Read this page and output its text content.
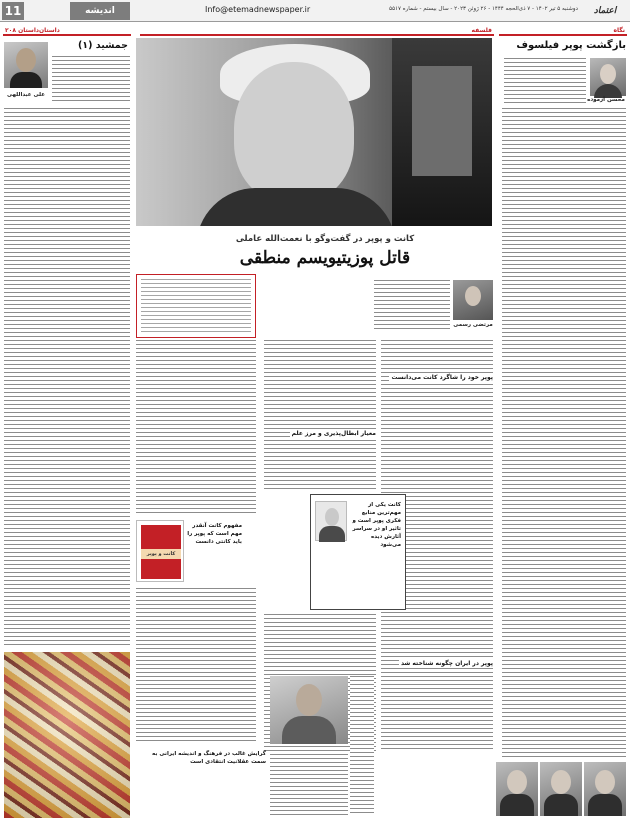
11	اندیشه	Info@etemadnewspaper.ir	دوشنبه ۵ تیر ۱۴۰۲ - ۷ ذی‌الحجه ۱۴۴۴ - ۲۶ ژوئن ۲۰۲۳ - سال بیستم - شماره ۵۵۱۷	اعتماد
نگاه
فلسفه
داستان‌داستان ۲۰۸
بازگشت پوپر فیلسوف
محسن آزموده
کانت و پوپر در گفت‌وگو با نعمت‌الله عاملی
قاتل پوزیتیویسم منطقی
مرتضی رسمی
پوپر خود را شاگرد کانت می‌دانست
معیار ابطال‌پذیری و مرز علم
پوپر در ایران چگونه شناخته شد
کانت یکی از مهم‌ترین منابع فکری پوپر است و تاثیر او در سراسر آثارش دیده می‌شود
کانت و پوپر
مفهوم کانت آنقدر مهم است که پوپر را باید کانتی دانست
گرایش غالب در فرهنگ و اندیشه ایرانی به سمت عقلانیت انتقادی است
جمشید (۱)
علی عبداللهی
